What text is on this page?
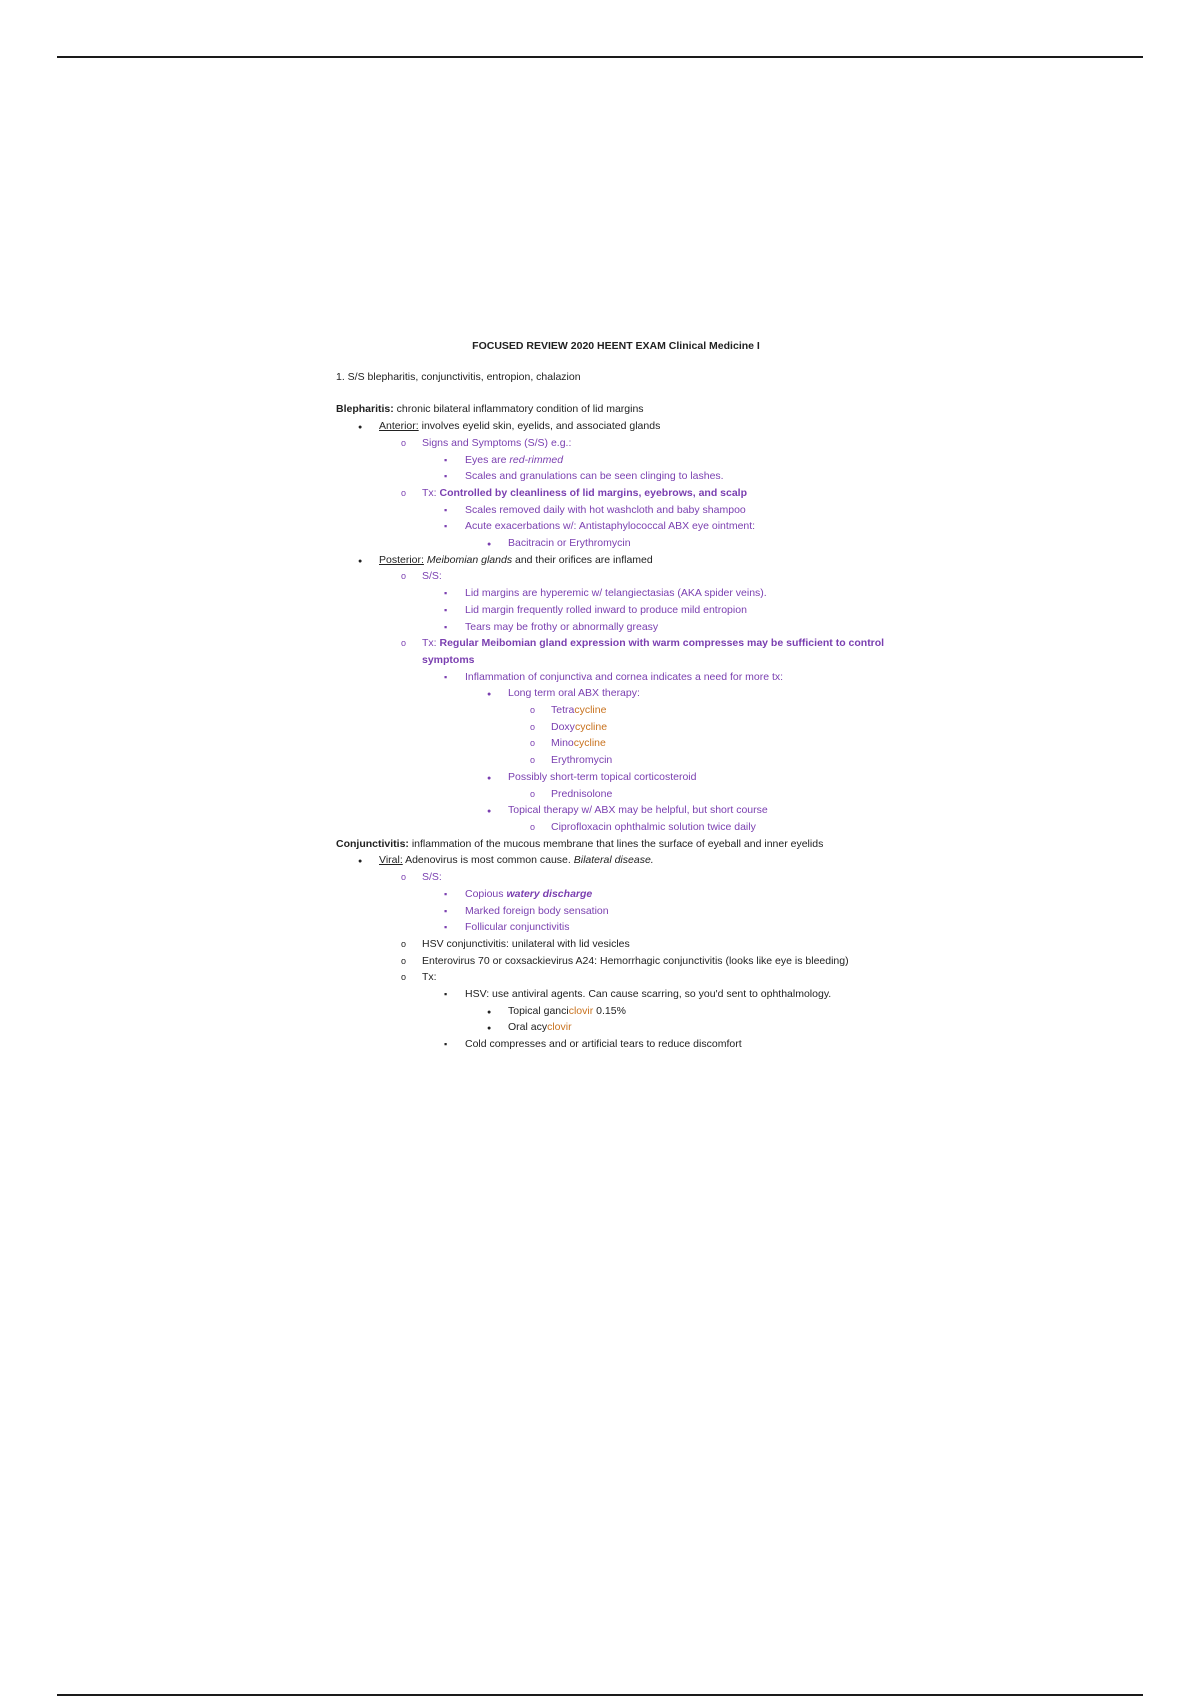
FOCUSED REVIEW 2020 HEENT EXAM Clinical Medicine I
1. S/S blepharitis, conjunctivitis, entropion, chalazion
Blepharitis: chronic bilateral inflammatory condition of lid margins
●
Anterior: involves eyelid skin, eyelids, and associated glands
o
Signs and Symptoms (S/S) e.g.:
▪
Eyes are red-rimmed
▪
Scales and granulations can be seen clinging to lashes.
o
Tx: Controlled by cleanliness of lid margins, eyebrows, and scalp
▪
Scales removed daily with hot washcloth and baby shampoo
▪
Acute exacerbations w/: Antistaphylococcal ABX eye ointment:
●
Bacitracin or Erythromycin
●
Posterior: Meibomian glands and their orifices are inflamed
o
S/S:
▪
Lid margins are hyperemic w/ telangiectasias (AKA spider veins).
▪
Lid margin frequently rolled inward to produce mild entropion
▪
Tears may be frothy or abnormally greasy
o
Tx: Regular Meibomian gland expression with warm compresses may be sufficient to control symptoms
▪
Inflammation of conjunctiva and cornea indicates a need for more tx:
●
Long term oral ABX therapy:
o
Tetracycline
o
Doxycycline
o
Minocycline
o
Erythromycin
●
Possibly short-term topical corticosteroid
o
Prednisolone
●
Topical therapy w/ ABX may be helpful, but short course
o
Ciprofloxacin ophthalmic solution twice daily
Conjunctivitis: inflammation of the mucous membrane that lines the surface of eyeball and inner eyelids
●
Viral: Adenovirus is most common cause. Bilateral disease.
o
S/S:
▪
Copious watery discharge
▪
Marked foreign body sensation
▪
Follicular conjunctivitis
o
HSV conjunctivitis: unilateral with lid vesicles
o
Enterovirus 70 or coxsackievirus A24: Hemorrhagic conjunctivitis (looks like eye is bleeding)
o
Tx:
▪
HSV: use antiviral agents. Can cause scarring, so you'd sent to ophthalmology.
●
Topical ganciclovir 0.15%
●
Oral acyclovir
▪
Cold compresses and or artificial tears to reduce discomfort
